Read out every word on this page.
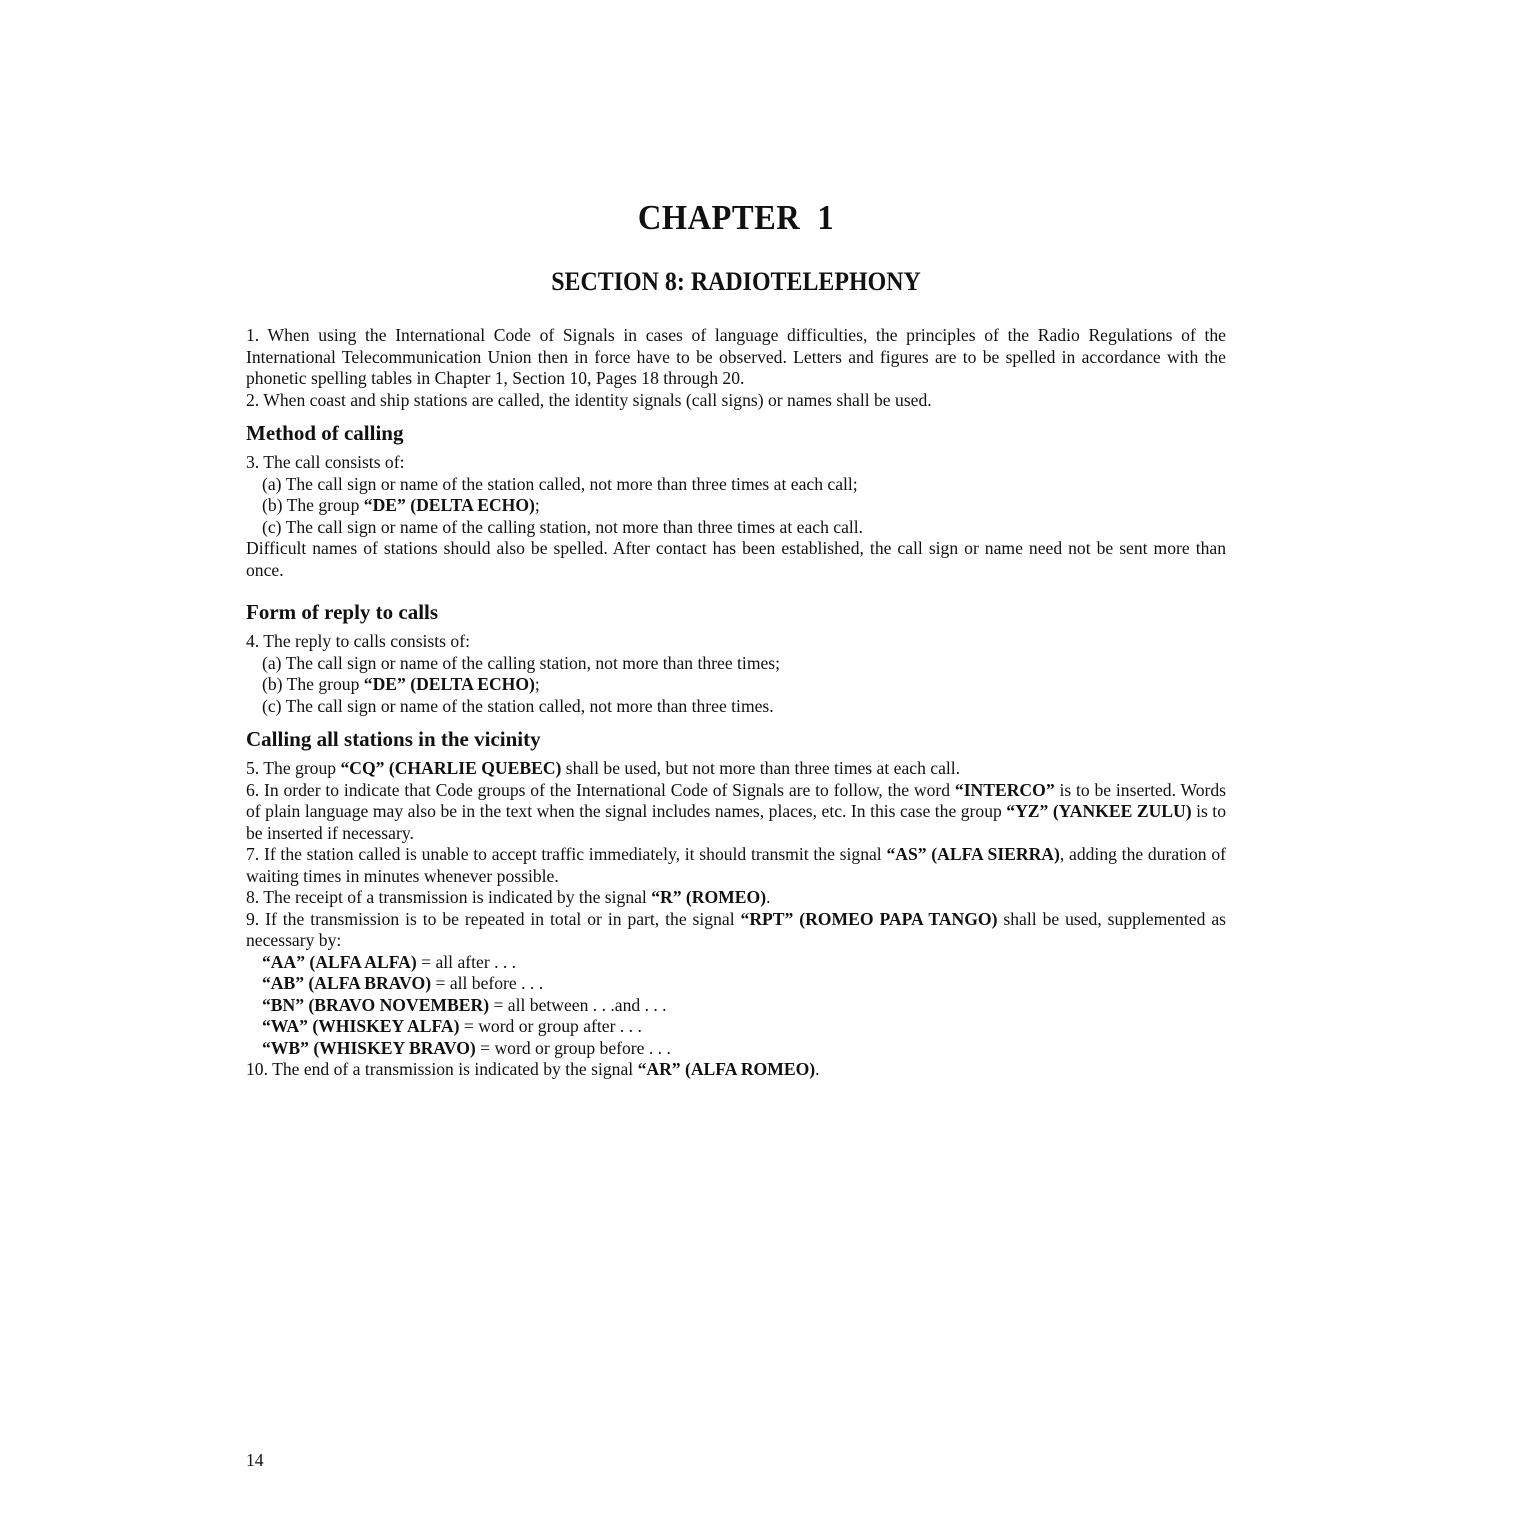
CHAPTER  1
SECTION 8: RADIOTELEPHONY

1. When using the International Code of Signals in cases of language difficulties, the principles of the Radio Regulations of the International Telecommunication Union then in force have to be observed. Letters and figures are to be spelled in accordance with the phonetic spelling tables in Chapter 1, Section 10, Pages 18 through 20.

2. When coast and ship stations are called, the identity signals (call signs) or names shall be used.

Method of calling

3. The call consists of:

(a) The call sign or name of the station called, not more than three times at each call;

(b) The group “DE” (DELTA ECHO);

(c) The call sign or name of the calling station, not more than three times at each call.

Difficult names of stations should also be spelled. After contact has been established, the call sign or name need not be sent more than once.

Form of reply to calls

4. The reply to calls consists of:

(a) The call sign or name of the calling station, not more than three times;

(b) The group “DE” (DELTA ECHO);

(c) The call sign or name of the station called, not more than three times.

Calling all stations in the vicinity

5. The group “CQ” (CHARLIE QUEBEC) shall be used, but not more than three times at each call.

6. In order to indicate that Code groups of the International Code of Signals are to follow, the word “INTERCO” is to be inserted. Words of plain language may also be in the text when the signal includes names, places, etc. In this case the group “YZ” (YANKEE ZULU) is to be inserted if necessary.

7. If the station called is unable to accept traffic immediately, it should transmit the signal “AS” (ALFA SIERRA), adding the duration of waiting times in minutes whenever possible.

8. The receipt of a transmission is indicated by the signal “R” (ROMEO).

9. If the transmission is to be repeated in total or in part, the signal “RPT” (ROMEO PAPA TANGO) shall be used, supplemented as necessary by:

“AA” (ALFA ALFA) = all after . . .

“AB” (ALFA BRAVO) = all before . . .

“BN” (BRAVO NOVEMBER) = all between . . .and . . .

“WA” (WHISKEY ALFA) = word or group after . . .

“WB” (WHISKEY BRAVO) = word or group before . . .

10. The end of a transmission is indicated by the signal “AR” (ALFA ROMEO).

14
